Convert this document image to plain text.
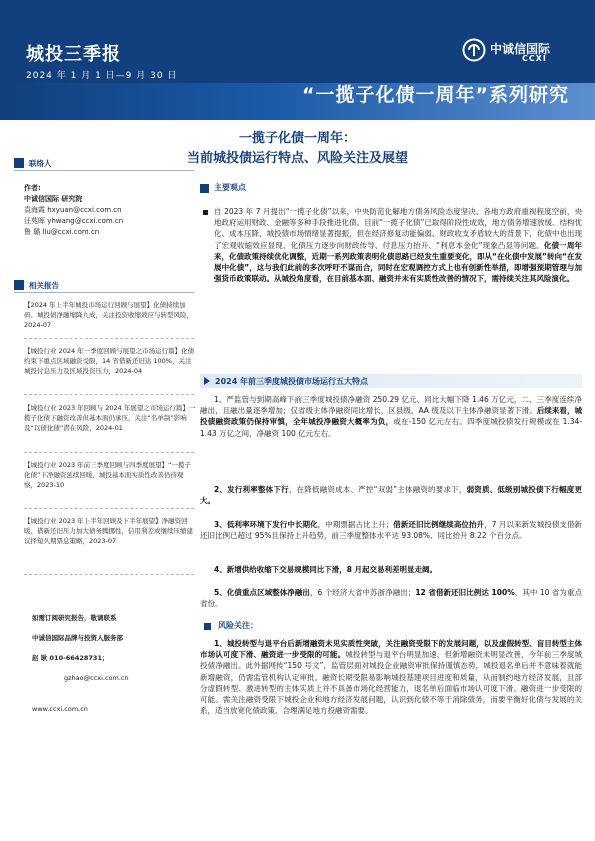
城投三季报
2024 年 1 月 1 日—9 月 30 日
“一揽子化债一周年”系列研究
中诚信国际
CCXI
一揽子化债一周年：
当前城投债运行特点、风险关注及展望
联络人
作者:
中诚信国际 研究院
袁海霞 hxyuan@ccxi.com.cn
汪苑晖 yhwang@ccxi.com.cn
鲁 璐 llu@ccxi.com.cn
相关报告
【2024 年上半年城投市场运行回顾与展望】化债持续加码、城投债净融缩降九成，关注投资收缩效应与转型风险，2024-07
【城投行业 2024 年一季度回顾与展望之市场运行篇】化债约束下重点区域融资受限，14 省借新还旧达 100%，关注城投付息压力及区域投资压力，2024-04
【城投行业 2023 年回顾与 2024 年展望之市场运行篇】一揽子化债下融资改善但基本面仍承压，关注“名单制”影响及“以债化债”潜在风险，2024-01
【城投行业 2023 年前三季度回顾与四季度展望】“一揽子化债”下净融资延续回暖，城投基本面实质性改善仍待观察，2023-10
【城投行业 2023 年上半年回顾及下半年展望】净融资回暖、借新还旧压力加大债务腾挪性，信用利差或继续压缩建议择短久期票息策略，2023-07
如需订阅研究报告，敬请联系
中诚信国际品牌与投资人服务部
赵 耿 010-66428731；
gzhao@ccxi.com.cn
www.ccxi.com.cn
主要观点
自 2023 年 7 月提出“一揽子化债”以来，中央防范化解地方债务风险态度坚决、各地方政府重视程度空前，央地政府运用财政、金融等多种手段推进化债。目前“一揽子化债”已取得阶段性成效，地方债务增速放缓、结构优化、成本压降，城投债市场情绪显著提振，但在经济修复动能偏弱、财政收支矛盾较大的背景下，化债中也出现了宏观收缩效应显现、化债压力逐步向财政传导、付息压力抬升、“利息本金化”现象凸显等问题。化债一周年来，化债政策持续优化调整，近期一系列政策表明化债思路已经发生重要变化，即从“在化债中发展”转向“在发展中化债”，这与我们此前的多次呼吁不谋而合，同时在宏观调控方式上也有创新性举措，即增强预期管理与加强货币政策联动。从城投角度看，在目前基本面、融资并未有实质性改善的情况下，需持续关注其风险演化。
2024 年前三季度城投债市场运行五大特点
1、严监管与到期高峰下前三季度城投债净融资 250.29 亿元、同比大幅下降 1.46 万亿元，二、三季度连续净融出，且融出量逐季增加；仅省级主体净融资同比增长，区县级、AA 级及以下主体净融资显著下滑。后续来看，城投债融资政策仍保持审慎，全年城投净融资大概率为负，或在-150 亿元左右。四季度城投债发行规模或在 1.34-1.43 万亿之间，净融资 100 亿元左右。
2、发行利率整体下行，在降低融资成本、严控“双弱”主体融资的要求下，弱资质、低级别城投债下行幅度更大。
3、低利率环境下发行中长期化，中期票据占比上升；借新还旧比例继续高位抬升，7 月以来新发城投债支借新还旧比例已超过 95%且保持上升趋势，前三季度整体水平达 93.08%、同比抬升 8.22 个百分点。
4、新增供给收缩下交易规模同比下滑，8 月起交易利差明显走阔。
5、化债重点区域整体净融出，6 个经济大省中苏浙净融出；12 省借新还旧比例达 100%，其中 10 省为重点省份。
风险关注：
1、城投转型与退平台后新增融资未见实质性突破，关注融资受限下的发展问题，以及虚假转型、盲目转型主体市场认可度下滑、融资进一步受限的可能。城投转型与退平台明显加速，但新增融资未明显改善，今年前三季度城投债净融出。此外据网传“150 号文”，监管层面对城投企业融资审批保持谨慎态势，城投退名单后并不意味着就能新增融资，仍需监管机构认定审批。融资长期受限易影响城投基建项目进度和质量，从而制约地方经济发展，且部分虚假转型、激进转型的主体实质上并不具备市场化经营能力，退名单后面临市场认可度下滑、融资进一步受限的可能。需关注融资受限下城投企业和地方经济发展问题，认识到化债不等于消除债务，而要平衡好化债与发展的关系，适当放宽化债政策、合理满足地方投融资需要。
